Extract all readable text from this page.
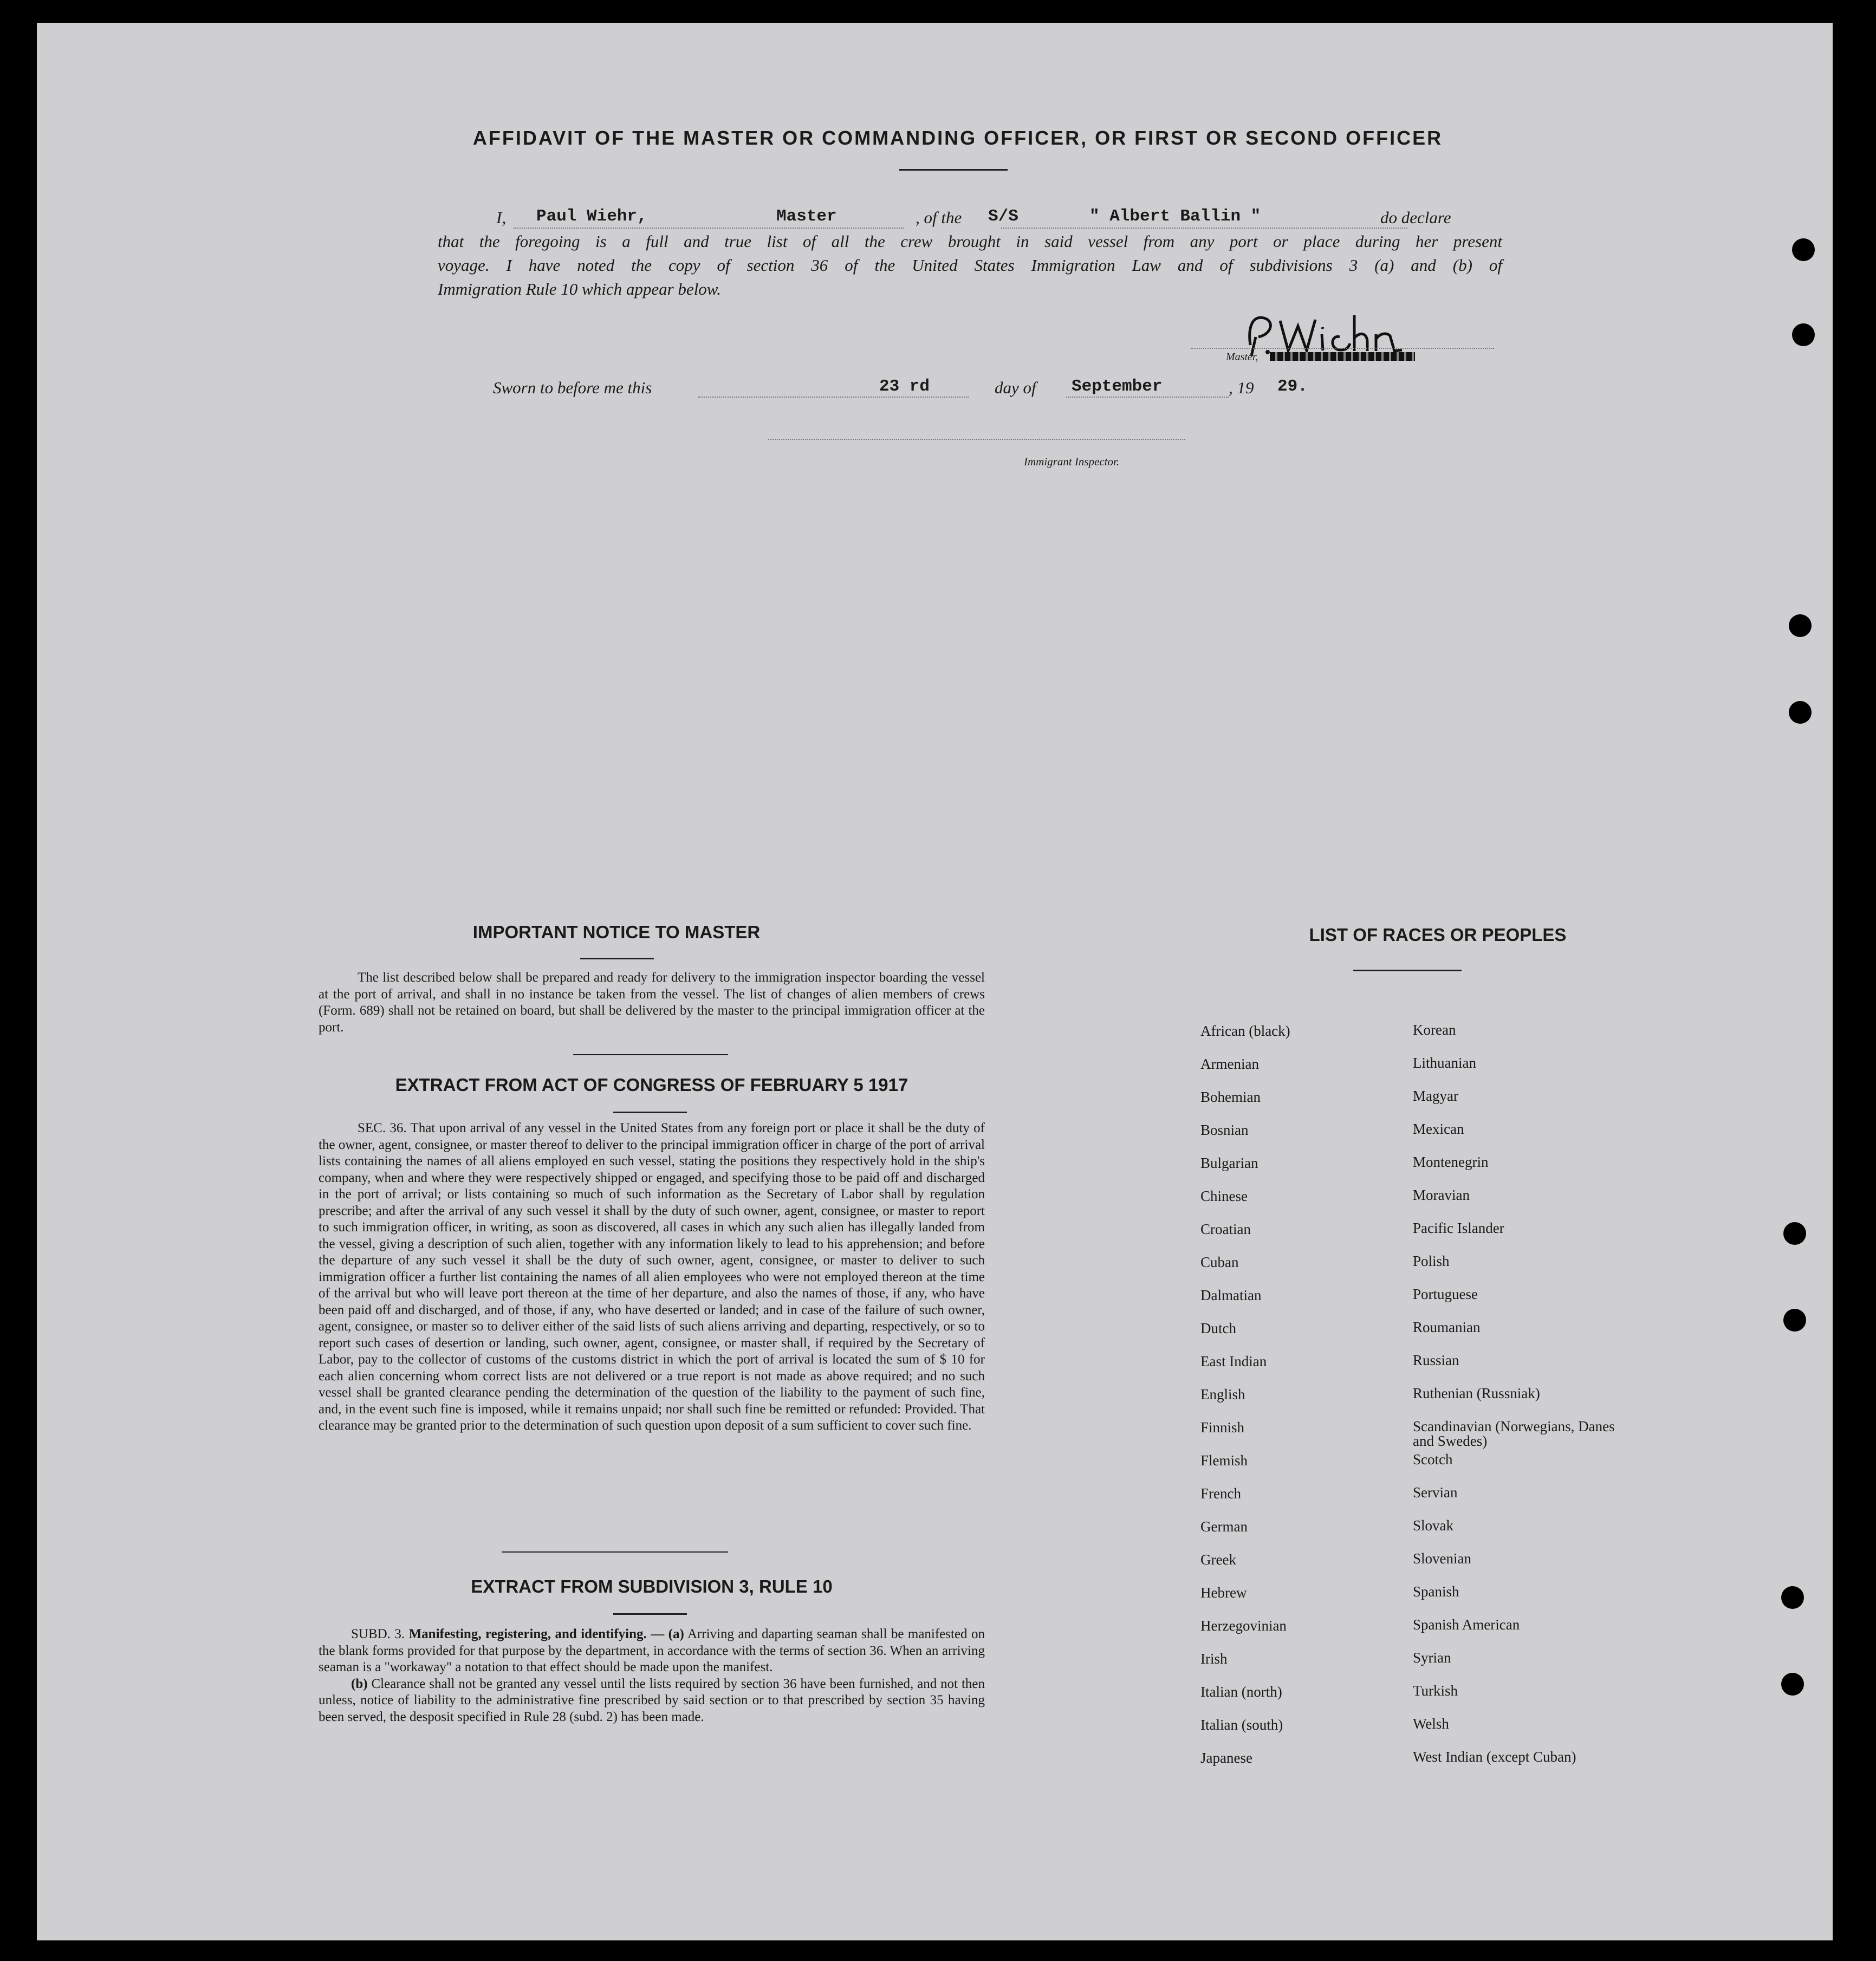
AFFIDAVIT OF THE MASTER OR COMMANDING OFFICER, OR FIRST OR SECOND OFFICER
I, Paul Wiehr,	Master	, of the S/S	" Albert Ballin "	do declare
that the foregoing is a full and true list of all the crew brought in said vessel from any port or place during her present
voyage. I have noted the copy of section 36 of the United States Immigration Law and of subdivisions 3 (a) and (b) of
Immigration Rule 10 which appear below.
Master,
Sworn to before me this	23 rd	day of September	, 19 29.
Immigrant Inspector.
IMPORTANT NOTICE TO MASTER
The list described below shall be prepared and ready for delivery to the immigration inspector boarding the vessel at the port of arrival, and shall in no instance be taken from the vessel. The list of changes of alien members of crews (Form. 689) shall not be retained on board, but shall be delivered by the master to the principal immigration officer at the port.
EXTRACT FROM ACT OF CONGRESS OF FEBRUARY 5 1917
SEC. 36. That upon arrival of any vessel in the United States from any foreign port or place it shall be the duty of the owner, agent, consignee, or master thereof to deliver to the principal immigration officer in charge of the port of arrival lists containing the names of all aliens employed en such vessel, stating the positions they respectively hold in the ship's company, when and where they were respectively shipped or engaged, and specifying those to be paid off and discharged in the port of arrival; or lists containing so much of such information as the Secretary of Labor shall by regulation prescribe; and after the arrival of any such vessel it shall by the duty of such owner, agent, consignee, or master to report to such immigration officer, in writing, as soon as discovered, all cases in which any such alien has illegally landed from the vessel, giving a description of such alien, together with any information likely to lead to his apprehension; and before the departure of any such vessel it shall be the duty of such owner, agent, consignee, or master to deliver to such immigration officer a further list containing the names of all alien employees who were not employed thereon at the time of the arrival but who will leave port thereon at the time of her departure, and also the names of those, if any, who have been paid off and discharged, and of those, if any, who have deserted or landed; and in case of the failure of such owner, agent, consignee, or master so to deliver either of the said lists of such aliens arriving and departing, respectively, or so to report such cases of desertion or landing, such owner, agent, consignee, or master shall, if required by the Secretary of Labor, pay to the collector of customs of the customs district in which the port of arrival is located the sum of $ 10 for each alien concerning whom correct lists are not delivered or a true report is not made as above required; and no such vessel shall be granted clearance pending the determination of the question of the liability to the payment of such fine, and, in the event such fine is imposed, while it remains unpaid; nor shall such fine be remitted or refunded: Provided. That clearance may be granted prior to the determination of such question upon deposit of a sum sufficient to cover such fine.
EXTRACT FROM SUBDIVISION 3, RULE 10
SUBD. 3. Manifesting, registering, and identifying. — (a) Arriving and daparting seaman shall be manifested on the blank forms provided for that purpose by the department, in accordance with the terms of section 36. When an arriving seaman is a "workaway" a notation to that effect should be made upon the manifest.
(b) Clearance shall not be granted any vessel until the lists required by section 36 have been furnished, and not then unless, notice of liability to the administrative fine prescribed by said section or to that prescribed by section 35 having been served, the desposit specified in Rule 28 (subd. 2) has been made.
LIST OF RACES OR PEOPLES
African (black)
Armenian
Bohemian
Bosnian
Bulgarian
Chinese
Croatian
Cuban
Dalmatian
Dutch
East Indian
English
Finnish
Flemish
French
German
Greek
Hebrew
Herzegovinian
Irish
Italian (north)
Italian (south)
Japanese
Korean
Lithuanian
Magyar
Mexican
Montenegrin
Moravian
Pacific Islander
Polish
Portuguese
Roumanian
Russian
Ruthenian (Russniak)
Scandinavian (Norwegians, Danes and Swedes)
Scotch
Servian
Slovak
Slovenian
Spanish
Spanish American
Syrian
Turkish
Welsh
West Indian (except Cuban)
